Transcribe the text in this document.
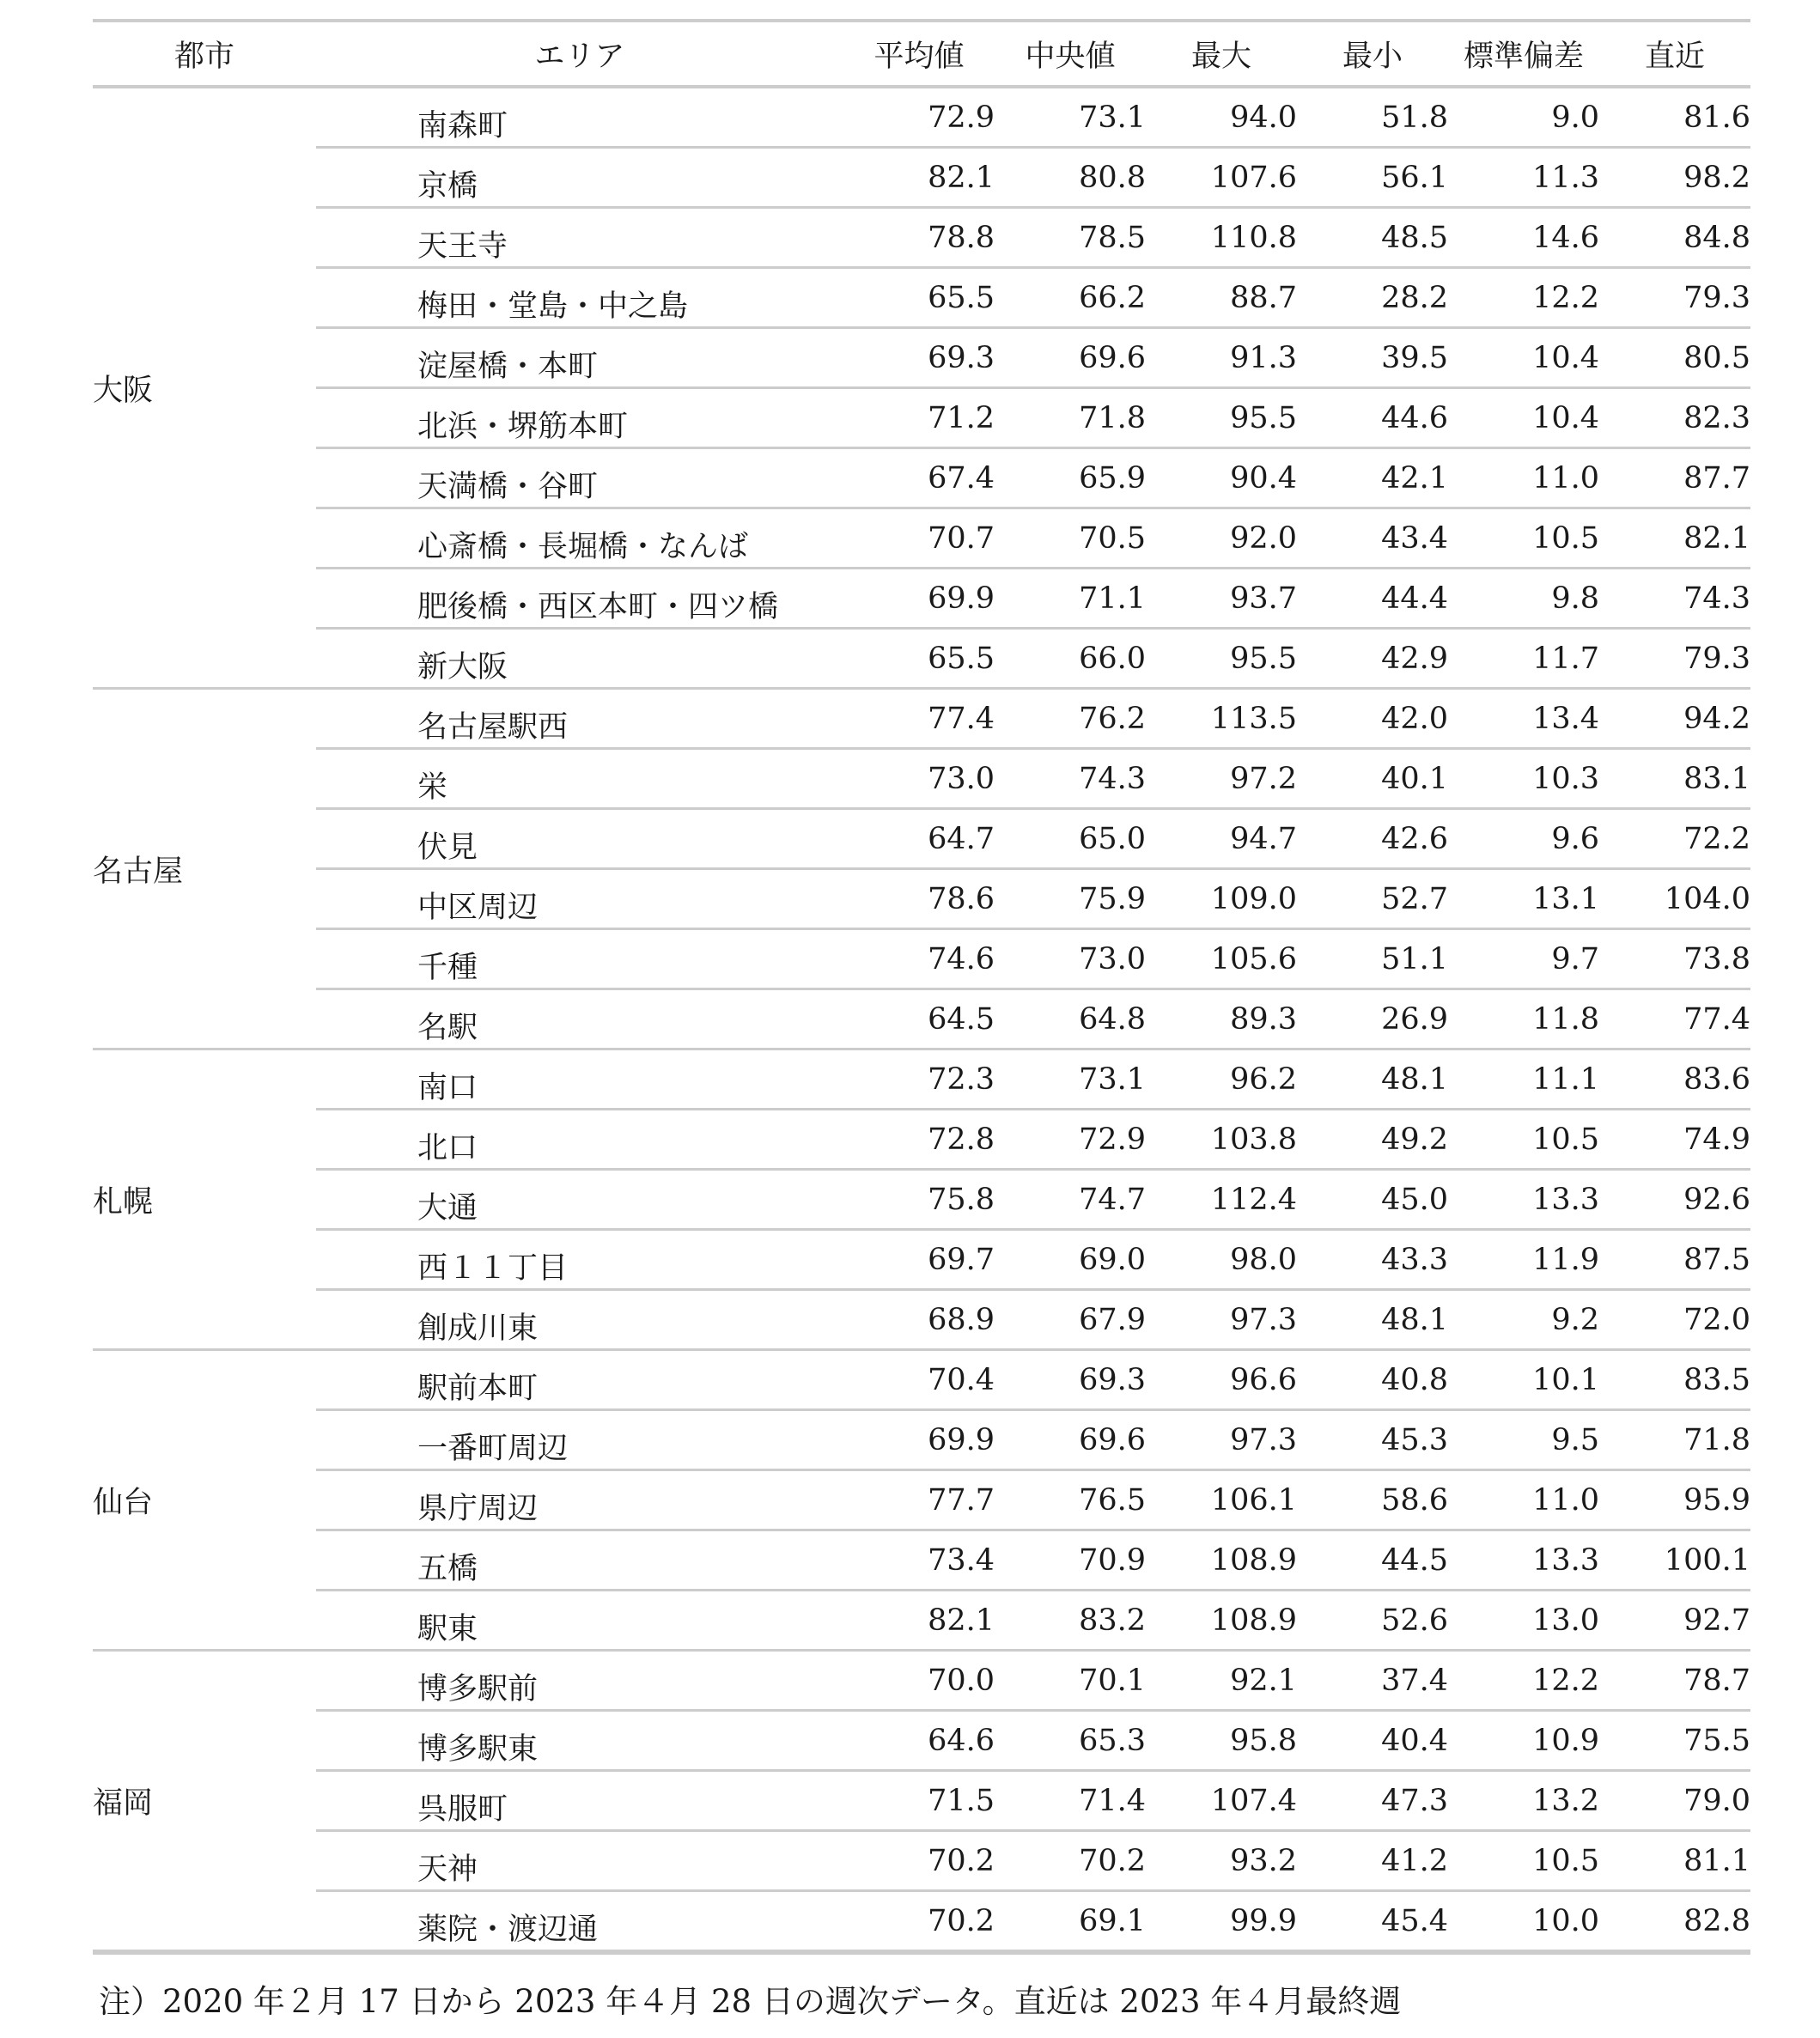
都市	エリア	平均値	中央値	最大	最小	標準偏差	直近
大阪	南森町	72.9	73.1	94.0	51.8	9.0	81.6

	京橋	82.1	80.8	107.6	56.1	11.3	98.2

	天王寺	78.8	78.5	110.8	48.5	14.6	84.8

	梅田・堂島・中之島	65.5	66.2	88.7	28.2	12.2	79.3

	淀屋橋・本町	69.3	69.6	91.3	39.5	10.4	80.5

	北浜・堺筋本町	71.2	71.8	95.5	44.6	10.4	82.3

	天満橋・谷町	67.4	65.9	90.4	42.1	11.0	87.7

	心斎橋・長堀橋・なんば	70.7	70.5	92.0	43.4	10.5	82.1

	肥後橋・西区本町・四ツ橋	69.9	71.1	93.7	44.4	9.8	74.3

	新大阪	65.5	66.0	95.5	42.9	11.7	79.3
名古屋	名古屋駅西	77.4	76.2	113.5	42.0	13.4	94.2

	栄	73.0	74.3	97.2	40.1	10.3	83.1

	伏見	64.7	65.0	94.7	42.6	9.6	72.2

	中区周辺	78.6	75.9	109.0	52.7	13.1	104.0

	千種	74.6	73.0	105.6	51.1	9.7	73.8

	名駅	64.5	64.8	89.3	26.9	11.8	77.4
札幌	南口	72.3	73.1	96.2	48.1	11.1	83.6

	北口	72.8	72.9	103.8	49.2	10.5	74.9

	大通	75.8	74.7	112.4	45.0	13.3	92.6

	西１１丁目	69.7	69.0	98.0	43.3	11.9	87.5

	創成川東	68.9	67.9	97.3	48.1	9.2	72.0
仙台	駅前本町	70.4	69.3	96.6	40.8	10.1	83.5

	一番町周辺	69.9	69.6	97.3	45.3	9.5	71.8

	県庁周辺	77.7	76.5	106.1	58.6	11.0	95.9

	五橋	73.4	70.9	108.9	44.5	13.3	100.1

	駅東	82.1	83.2	108.9	52.6	13.0	92.7
福岡	博多駅前	70.0	70.1	92.1	37.4	12.2	78.7

	博多駅東	64.6	65.3	95.8	40.4	10.9	75.5

	呉服町	71.5	71.4	107.4	47.3	13.2	79.0

	天神	70.2	70.2	93.2	41.2	10.5	81.1

	薬院・渡辺通	70.2	69.1	99.9	45.4	10.0	82.8
注）2020 年２月 17 日から 2023 年４月 28 日の週次データ。直近は 2023 年４月最終週
